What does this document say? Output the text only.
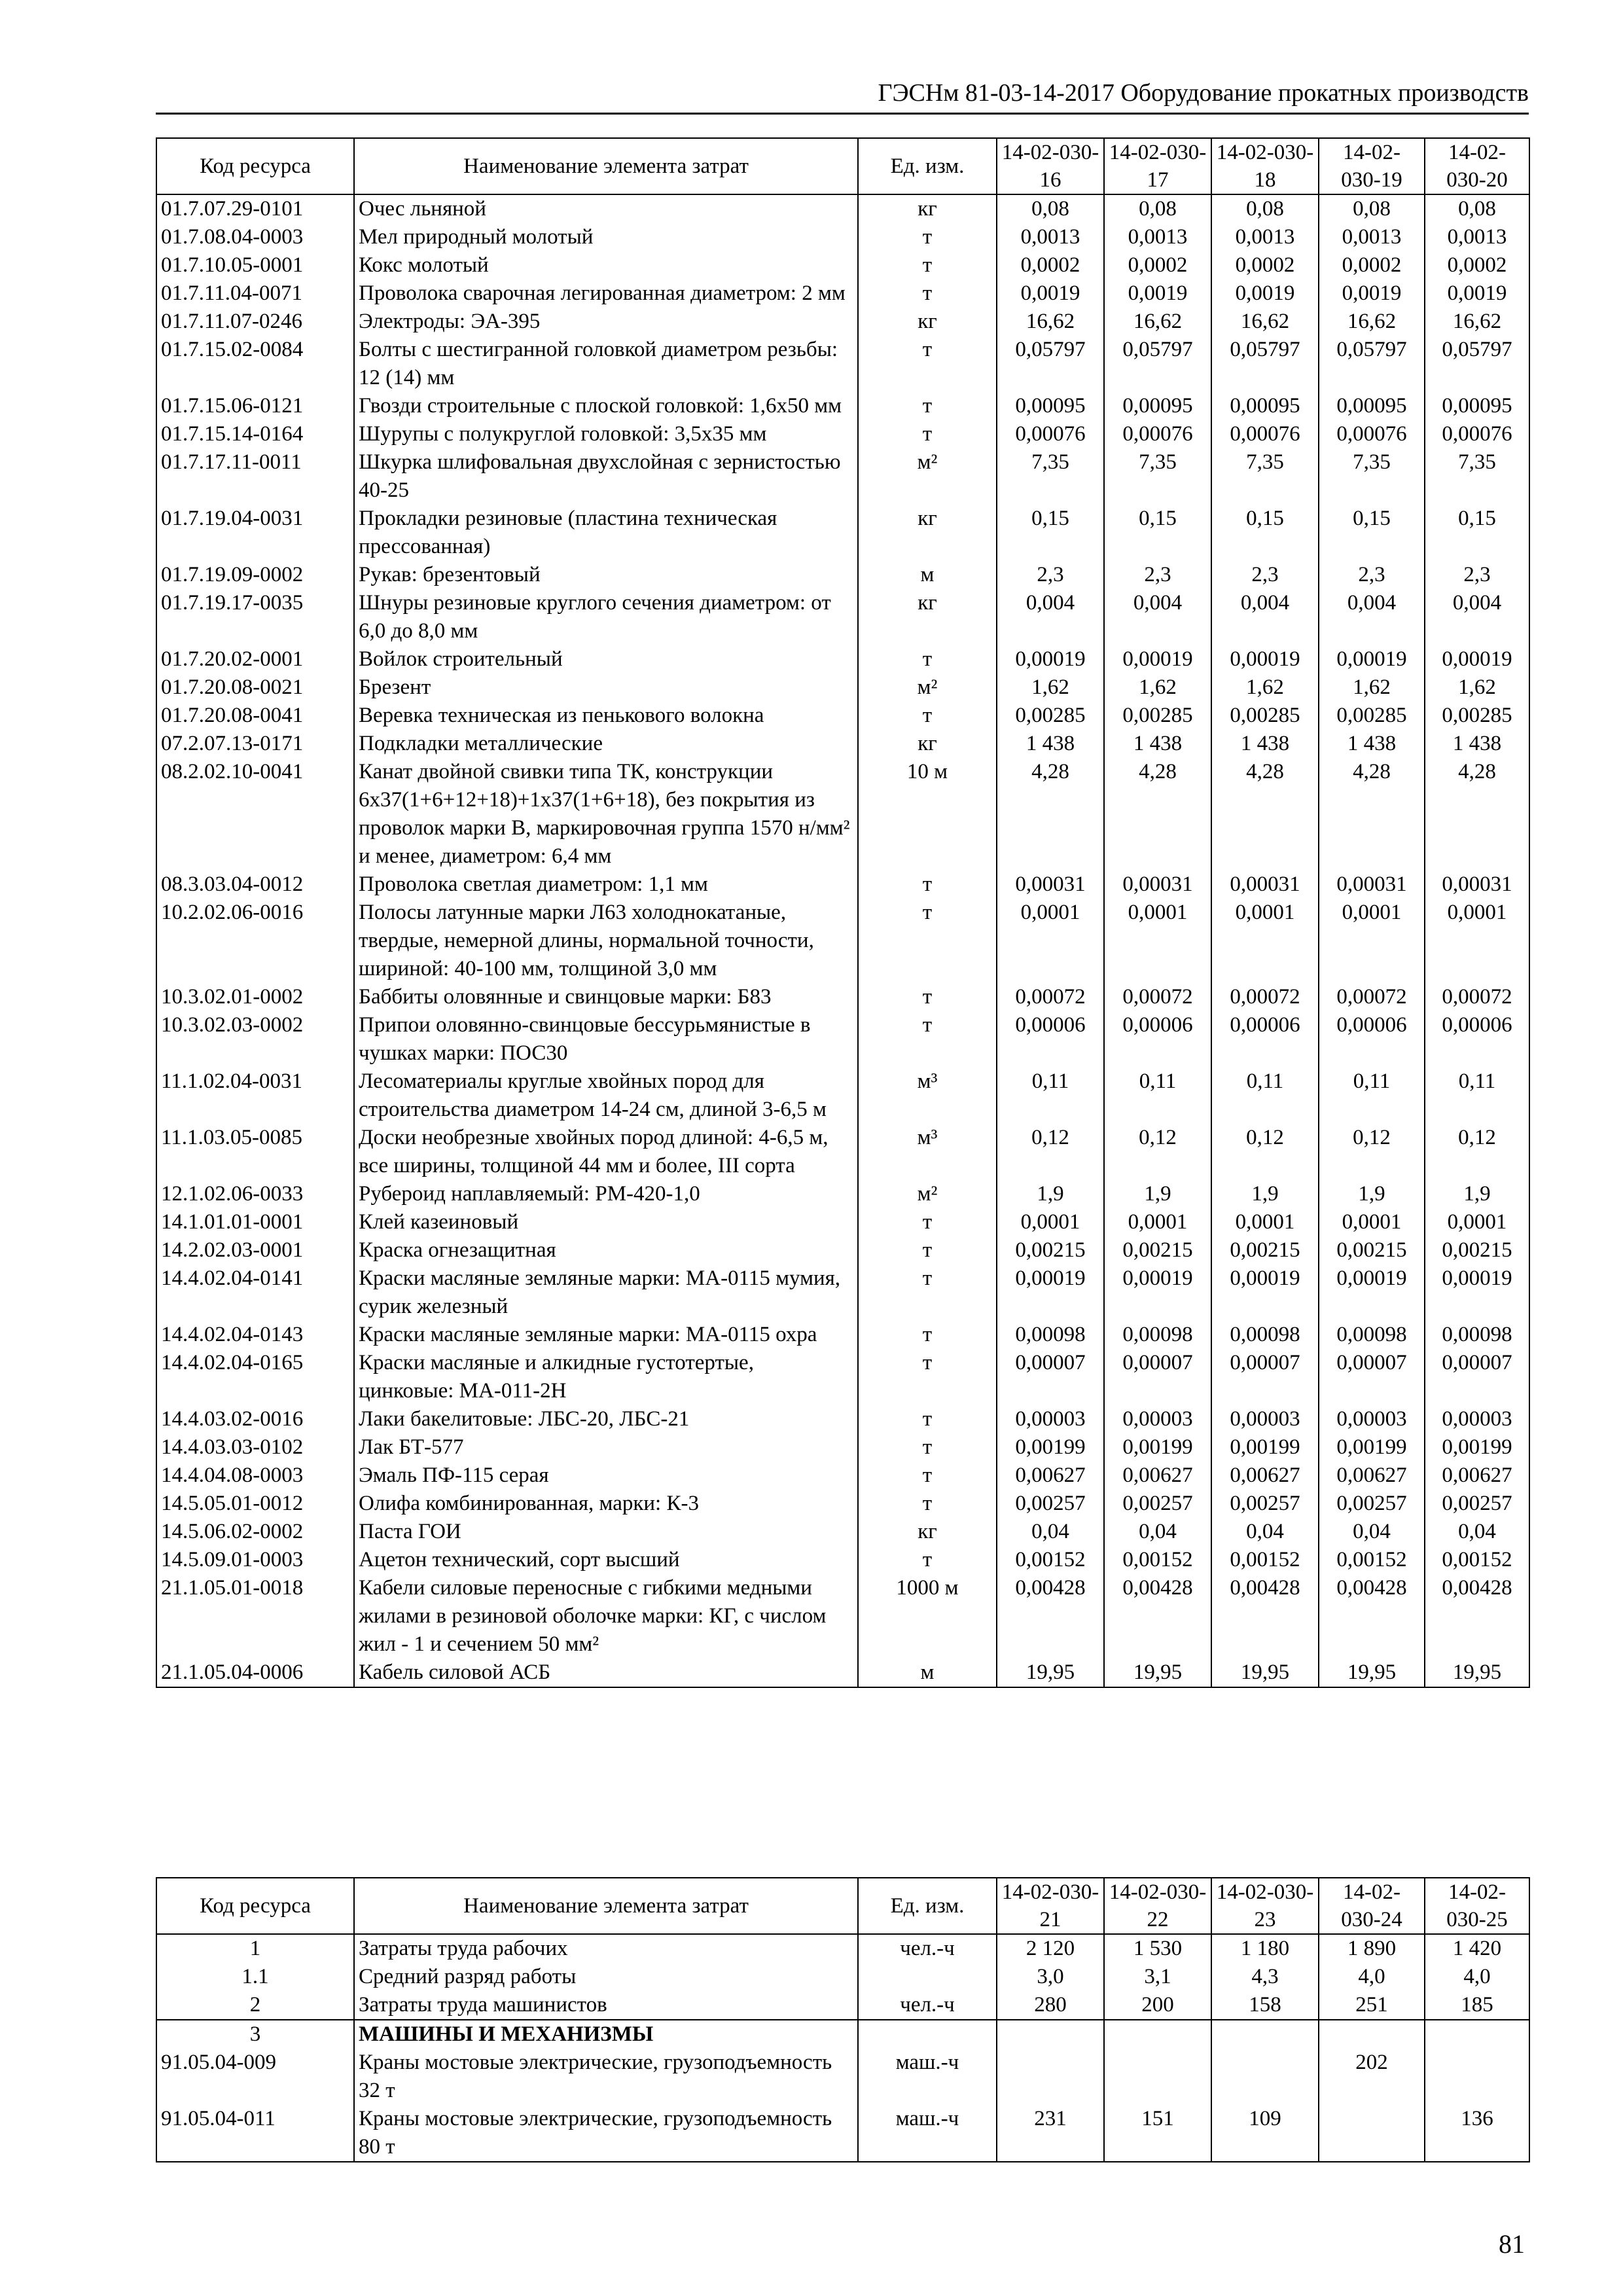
ГЭСНм 81-03-14-2017 Оборудование прокатных производств
Код ресурса	Наименование элемента затрат	Ед. изм.	14-02-030-16	14-02-030-17	14-02-030-18	14-02-030-19	14-02-030-20
01.7.07.29-0101	Очес льняной	кг	0,08	0,08	0,08	0,08	0,08
01.7.08.04-0003	Мел природный молотый	т	0,0013	0,0013	0,0013	0,0013	0,0013
01.7.10.05-0001	Кокс молотый	т	0,0002	0,0002	0,0002	0,0002	0,0002
01.7.11.04-0071	Проволока сварочная легированная диаметром: 2 мм	т	0,0019	0,0019	0,0019	0,0019	0,0019
01.7.11.07-0246	Электроды: ЭА-395	кг	16,62	16,62	16,62	16,62	16,62
01.7.15.02-0084	Болты с шестигранной головкой диаметром резьбы: 12 (14) мм	т	0,05797	0,05797	0,05797	0,05797	0,05797
01.7.15.06-0121	Гвозди строительные с плоской головкой: 1,6х50 мм	т	0,00095	0,00095	0,00095	0,00095	0,00095
01.7.15.14-0164	Шурупы с полукруглой головкой: 3,5х35 мм	т	0,00076	0,00076	0,00076	0,00076	0,00076
01.7.17.11-0011	Шкурка шлифовальная двухслойная с зернистостью 40-25	м²	7,35	7,35	7,35	7,35	7,35
01.7.19.04-0031	Прокладки резиновые (пластина техническая прессованная)	кг	0,15	0,15	0,15	0,15	0,15
01.7.19.09-0002	Рукав: брезентовый	м	2,3	2,3	2,3	2,3	2,3
01.7.19.17-0035	Шнуры резиновые круглого сечения диаметром: от 6,0 до 8,0 мм	кг	0,004	0,004	0,004	0,004	0,004
01.7.20.02-0001	Войлок строительный	т	0,00019	0,00019	0,00019	0,00019	0,00019
01.7.20.08-0021	Брезент	м²	1,62	1,62	1,62	1,62	1,62
01.7.20.08-0041	Веревка техническая из пенькового волокна	т	0,00285	0,00285	0,00285	0,00285	0,00285
07.2.07.13-0171	Подкладки металлические	кг	1 438	1 438	1 438	1 438	1 438
08.2.02.10-0041	Канат двойной свивки типа ТК, конструкции 6х37(1+6+12+18)+1х37(1+6+18), без покрытия из проволок марки В, маркировочная группа 1570 н/мм² и менее, диаметром: 6,4 мм	10 м	4,28	4,28	4,28	4,28	4,28
08.3.03.04-0012	Проволока светлая диаметром: 1,1 мм	т	0,00031	0,00031	0,00031	0,00031	0,00031
10.2.02.06-0016	Полосы латунные марки Л63 холоднокатаные, твердые, немерной длины, нормальной точности, шириной: 40-100 мм, толщиной 3,0 мм	т	0,0001	0,0001	0,0001	0,0001	0,0001
10.3.02.01-0002	Баббиты оловянные и свинцовые марки: Б83	т	0,00072	0,00072	0,00072	0,00072	0,00072
10.3.02.03-0002	Припои оловянно-свинцовые бессурьмянистые в чушках марки: ПОС30	т	0,00006	0,00006	0,00006	0,00006	0,00006
11.1.02.04-0031	Лесоматериалы круглые хвойных пород для строительства диаметром 14-24 см, длиной 3-6,5 м	м³	0,11	0,11	0,11	0,11	0,11
11.1.03.05-0085	Доски необрезные хвойных пород длиной: 4-6,5 м, все ширины, толщиной 44 мм и более, III сорта	м³	0,12	0,12	0,12	0,12	0,12
12.1.02.06-0033	Рубероид наплавляемый: РМ-420-1,0	м²	1,9	1,9	1,9	1,9	1,9
14.1.01.01-0001	Клей казеиновый	т	0,0001	0,0001	0,0001	0,0001	0,0001
14.2.02.03-0001	Краска огнезащитная	т	0,00215	0,00215	0,00215	0,00215	0,00215
14.4.02.04-0141	Краски масляные земляные марки: МА-0115 мумия, сурик железный	т	0,00019	0,00019	0,00019	0,00019	0,00019
14.4.02.04-0143	Краски масляные земляные марки: МА-0115 охра	т	0,00098	0,00098	0,00098	0,00098	0,00098
14.4.02.04-0165	Краски масляные и алкидные густотертые, цинковые: МА-011-2Н	т	0,00007	0,00007	0,00007	0,00007	0,00007
14.4.03.02-0016	Лаки бакелитовые: ЛБС-20, ЛБС-21	т	0,00003	0,00003	0,00003	0,00003	0,00003
14.4.03.03-0102	Лак БТ-577	т	0,00199	0,00199	0,00199	0,00199	0,00199
14.4.04.08-0003	Эмаль ПФ-115 серая	т	0,00627	0,00627	0,00627	0,00627	0,00627
14.5.05.01-0012	Олифа комбинированная, марки: К-3	т	0,00257	0,00257	0,00257	0,00257	0,00257
14.5.06.02-0002	Паста ГОИ	кг	0,04	0,04	0,04	0,04	0,04
14.5.09.01-0003	Ацетон технический, сорт высший	т	0,00152	0,00152	0,00152	0,00152	0,00152
21.1.05.01-0018	Кабели силовые переносные с гибкими медными жилами в резиновой оболочке марки: КГ, с числом жил - 1 и сечением 50 мм²	1000 м	0,00428	0,00428	0,00428	0,00428	0,00428
21.1.05.04-0006	Кабель силовой АСБ	м	19,95	19,95	19,95	19,95	19,95
Код ресурса	Наименование элемента затрат	Ед. изм.	14-02-030-21	14-02-030-22	14-02-030-23	14-02-030-24	14-02-030-25
1	Затраты труда рабочих	чел.-ч	2 120	1 530	1 180	1 890	1 420
1.1	Средний разряд работы		3,0	3,1	4,3	4,0	4,0
2	Затраты труда машинистов	чел.-ч	280	200	158	251	185
3	МАШИНЫ И МЕХАНИЗМЫ						
91.05.04-009	Краны мостовые электрические, грузоподъемность 32 т	маш.-ч				202	
91.05.04-011	Краны мостовые электрические, грузоподъемность 80 т	маш.-ч	231	151	109		136
81
